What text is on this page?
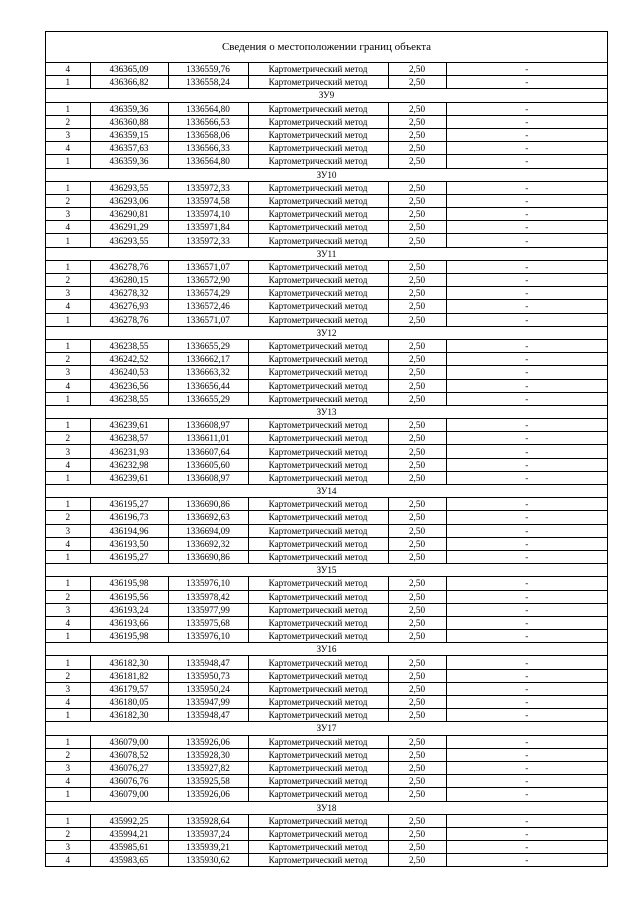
Сведения о местоположении границ объекта
4	436365,09	1336559,76	Картометрический метод	2,50	-
1	436366,82	1336558,24	Картометрический метод	2,50	-
ЗУ9					
1	436359,36	1336564,80	Картометрический метод	2,50	-
2	436360,88	1336566,53	Картометрический метод	2,50	-
3	436359,15	1336568,06	Картометрический метод	2,50	-
4	436357,63	1336566,33	Картометрический метод	2,50	-
1	436359,36	1336564,80	Картометрический метод	2,50	-
ЗУ10					
1	436293,55	1335972,33	Картометрический метод	2,50	-
2	436293,06	1335974,58	Картометрический метод	2,50	-
3	436290,81	1335974,10	Картометрический метод	2,50	-
4	436291,29	1335971,84	Картометрический метод	2,50	-
1	436293,55	1335972,33	Картометрический метод	2,50	-
ЗУ11					
1	436278,76	1336571,07	Картометрический метод	2,50	-
2	436280,15	1336572,90	Картометрический метод	2,50	-
3	436278,32	1336574,29	Картометрический метод	2,50	-
4	436276,93	1336572,46	Картометрический метод	2,50	-
1	436278,76	1336571,07	Картометрический метод	2,50	-
ЗУ12					
1	436238,55	1336655,29	Картометрический метод	2,50	-
2	436242,52	1336662,17	Картометрический метод	2,50	-
3	436240,53	1336663,32	Картометрический метод	2,50	-
4	436236,56	1336656,44	Картометрический метод	2,50	-
1	436238,55	1336655,29	Картометрический метод	2,50	-
ЗУ13					
1	436239,61	1336608,97	Картометрический метод	2,50	-
2	436238,57	1336611,01	Картометрический метод	2,50	-
3	436231,93	1336607,64	Картометрический метод	2,50	-
4	436232,98	1336605,60	Картометрический метод	2,50	-
1	436239,61	1336608,97	Картометрический метод	2,50	-
ЗУ14					
1	436195,27	1336690,86	Картометрический метод	2,50	-
2	436196,73	1336692,63	Картометрический метод	2,50	-
3	436194,96	1336694,09	Картометрический метод	2,50	-
4	436193,50	1336692,32	Картометрический метод	2,50	-
1	436195,27	1336690,86	Картометрический метод	2,50	-
ЗУ15					
1	436195,98	1335976,10	Картометрический метод	2,50	-
2	436195,56	1335978,42	Картометрический метод	2,50	-
3	436193,24	1335977,99	Картометрический метод	2,50	-
4	436193,66	1335975,68	Картометрический метод	2,50	-
1	436195,98	1335976,10	Картометрический метод	2,50	-
ЗУ16					
1	436182,30	1335948,47	Картометрический метод	2,50	-
2	436181,82	1335950,73	Картометрический метод	2,50	-
3	436179,57	1335950,24	Картометрический метод	2,50	-
4	436180,05	1335947,99	Картометрический метод	2,50	-
1	436182,30	1335948,47	Картометрический метод	2,50	-
ЗУ17					
1	436079,00	1335926,06	Картометрический метод	2,50	-
2	436078,52	1335928,30	Картометрический метод	2,50	-
3	436076,27	1335927,82	Картометрический метод	2,50	-
4	436076,76	1335925,58	Картометрический метод	2,50	-
1	436079,00	1335926,06	Картометрический метод	2,50	-
ЗУ18					
1	435992,25	1335928,64	Картометрический метод	2,50	-
2	435994,21	1335937,24	Картометрический метод	2,50	-
3	435985,61	1335939,21	Картометрический метод	2,50	-
4	435983,65	1335930,62	Картометрический метод	2,50	-
